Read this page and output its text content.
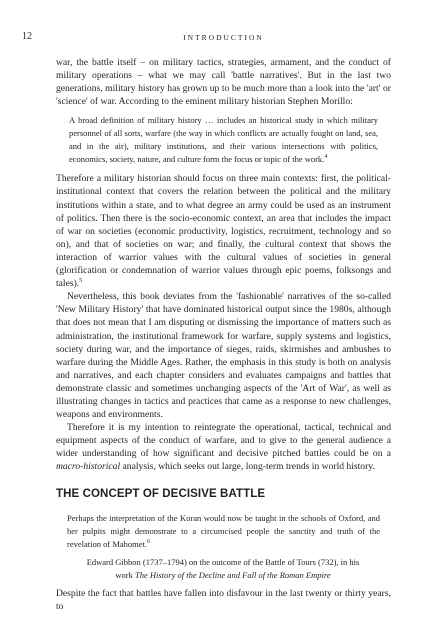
12	INTRODUCTION

war, the battle itself – on military tactics, strategies, armament, and the conduct of military operations – what we may call 'battle narratives'. But in the last two generations, military history has grown up to be much more than a look into the 'art' or 'science' of war. According to the eminent military historian Stephen Morillo:

A broad definition of military history … includes an historical study in which military personnel of all sorts, warfare (the way in which conflicts are actually fought on land, sea, and in the air), military institutions, and their various intersections with politics, economics, society, nature, and culture form the focus or topic of the work.$^4$

Therefore a military historian should focus on three main contexts: first, the political-institutional context that covers the relation between the political and the military institutions within a state, and to what degree an army could be used as an instrument of politics. Then there is the socio-economic context, an area that includes the impact of war on societies (economic productivity, logistics, recruitment, technology and so on), and that of societies on war; and finally, the cultural context that shows the interaction of warrior values with the cultural values of societies in general (glorification or condemnation of warrior values through epic poems, folksongs and tales).$^5$

Nevertheless, this book deviates from the 'fashionable' narratives of the so-called 'New Military History' that have dominated historical output since the 1980s, although that does not mean that I am disputing or dismissing the importance of matters such as administration, the institutional framework for warfare, supply systems and logistics, society during war, and the importance of sieges, raids, skirmishes and ambushes to warfare during the Middle Ages. Rather, the emphasis in this study is both on analysis and narratives, and each chapter considers and evaluates campaigns and battles that demonstrate classic and sometimes unchanging aspects of the 'Art of War', as well as illustrating changes in tactics and practices that came as a response to new challenges, weapons and environments.

Therefore it is my intention to reintegrate the operational, tactical, technical and equipment aspects of the conduct of warfare, and to give to the general audience a wider understanding of how significant and decisive pitched battles could be on a macro-historical analysis, which seeks out large, long-term trends in world history.

THE CONCEPT OF DECISIVE BATTLE

Perhaps the interpretation of the Koran would now be taught in the schools of Oxford, and her pulpits might demonstrate to a circumcised people the sanctity and truth of the revelation of Mahomet.$^6$

Edward Gibbon (1737–1794) on the outcome of the Battle of Tours (732), in his
work The History of the Decline and Fall of the Roman Empire

Despite the fact that battles have fallen into disfavour in the last twenty or thirty years, to
